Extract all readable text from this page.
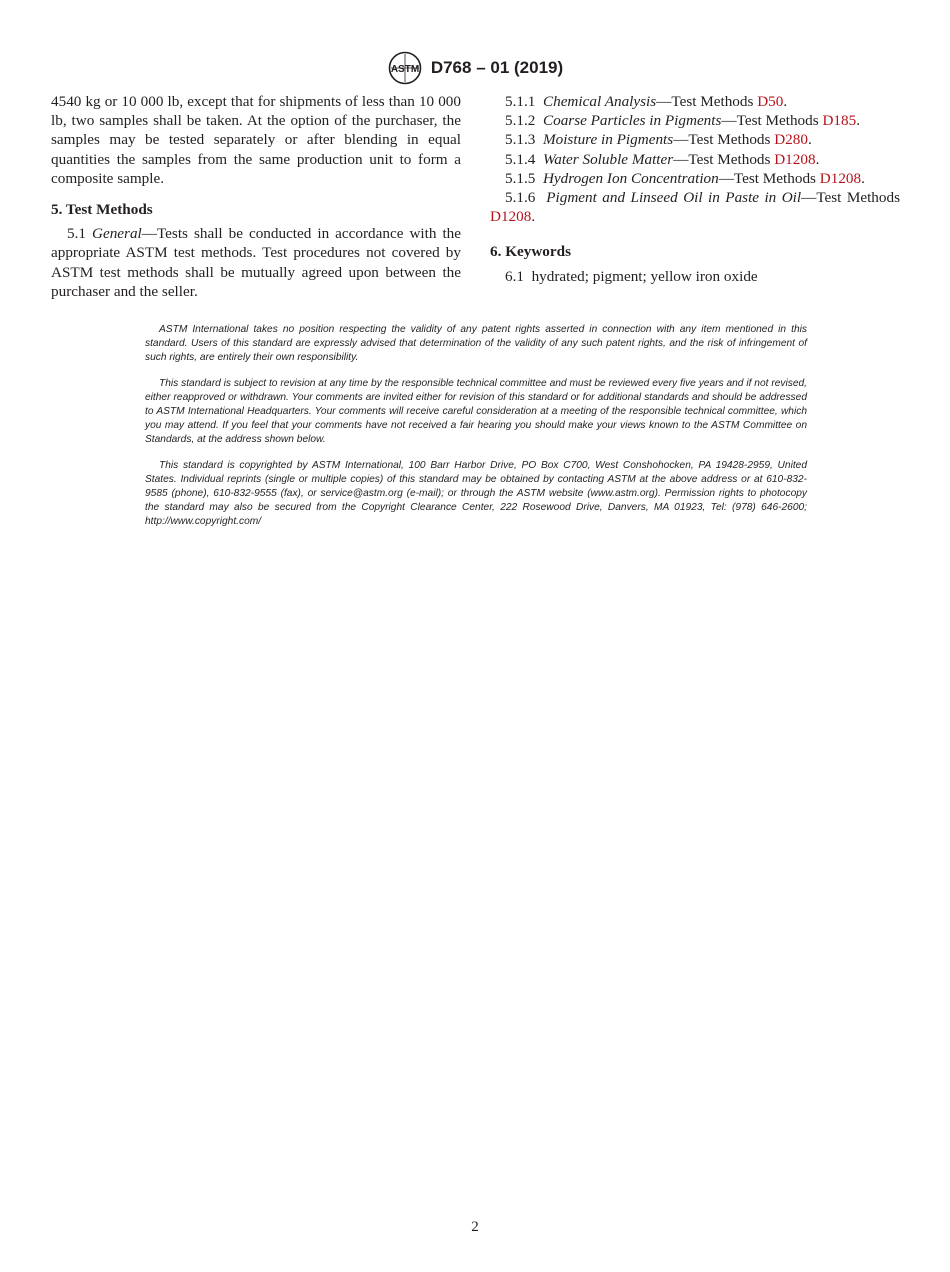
ASTM D768 – 01 (2019)

4540 kg or 10 000 lb, except that for shipments of less than 10 000 lb, two samples shall be taken. At the option of the purchaser, the samples may be tested separately or after blending in equal quantities the samples from the same production unit to form a composite sample.

5. Test Methods

5.1 General—Tests shall be conducted in accordance with the appropriate ASTM test methods. Test procedures not covered by ASTM test methods shall be mutually agreed upon between the purchaser and the seller.

5.1.1 Chemical Analysis—Test Methods D50.

5.1.2 Coarse Particles in Pigments—Test Methods D185.

5.1.3 Moisture in Pigments—Test Methods D280.

5.1.4 Water Soluble Matter—Test Methods D1208.

5.1.5 Hydrogen Ion Concentration—Test Methods D1208.

5.1.6 Pigment and Linseed Oil in Paste in Oil—Test Methods D1208.

6. Keywords

6.1 hydrated; pigment; yellow iron oxide

ASTM International takes no position respecting the validity of any patent rights asserted in connection with any item mentioned in this standard. Users of this standard are expressly advised that determination of the validity of any such patent rights, and the risk of infringement of such rights, are entirely their own responsibility.

This standard is subject to revision at any time by the responsible technical committee and must be reviewed every five years and if not revised, either reapproved or withdrawn. Your comments are invited either for revision of this standard or for additional standards and should be addressed to ASTM International Headquarters. Your comments will receive careful consideration at a meeting of the responsible technical committee, which you may attend. If you feel that your comments have not received a fair hearing you should make your views known to the ASTM Committee on Standards, at the address shown below.

This standard is copyrighted by ASTM International, 100 Barr Harbor Drive, PO Box C700, West Conshohocken, PA 19428-2959, United States. Individual reprints (single or multiple copies) of this standard may be obtained by contacting ASTM at the above address or at 610-832-9585 (phone), 610-832-9555 (fax), or service@astm.org (e-mail); or through the ASTM website (www.astm.org). Permission rights to photocopy the standard may also be secured from the Copyright Clearance Center, 222 Rosewood Drive, Danvers, MA 01923, Tel: (978) 646-2600; http://www.copyright.com/

2
